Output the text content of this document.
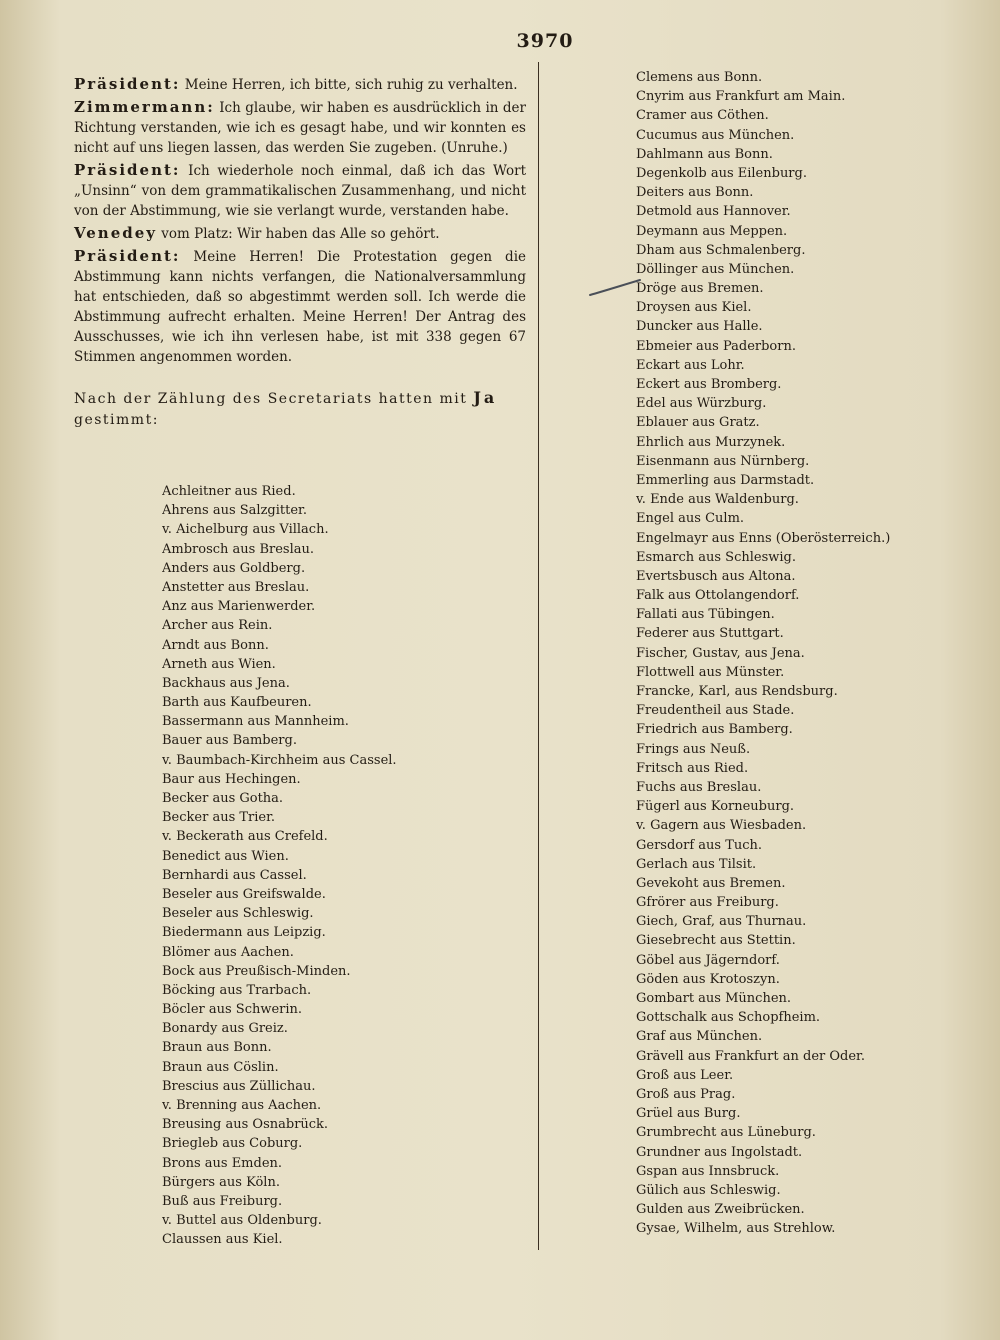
3970

Präsident: Meine Herren, ich bitte, sich ruhig zu verhalten.

Zimmermann: Ich glaube, wir haben es ausdrücklich in der Richtung verstanden, wie ich es gesagt habe, und wir konnten es nicht auf uns liegen lassen, das werden Sie zugeben. (Unruhe.)

Präsident: Ich wiederhole noch einmal, daß ich das Wort „Unsinn“ von dem grammatikalischen Zusammenhang, und nicht von der Abstimmung, wie sie verlangt wurde, verstanden habe.

Venedey vom Platz: Wir haben das Alle so gehört.

Präsident: Meine Herren! Die Protestation gegen die Abstimmung kann nichts verfangen, die Nationalversammlung hat entschieden, daß so abgestimmt werden soll. Ich werde die Abstimmung aufrecht erhalten. Meine Herren! Der Antrag des Ausschusses, wie ich ihn verlesen habe, ist mit 338 gegen 67 Stimmen angenommen worden.

Nach der Zählung des Secretariats hatten mit Ja gestimmt:
Achleitner aus Ried.
Ahrens aus Salzgitter.
v. Aichelburg aus Villach.
Ambrosch aus Breslau.
Anders aus Goldberg.
Anstetter aus Breslau.
Anz aus Marienwerder.
Archer aus Rein.
Arndt aus Bonn.
Arneth aus Wien.
Backhaus aus Jena.
Barth aus Kaufbeuren.
Bassermann aus Mannheim.
Bauer aus Bamberg.
v. Baumbach-Kirchheim aus Cassel.
Baur aus Hechingen.
Becker aus Gotha.
Becker aus Trier.
v. Beckerath aus Crefeld.
Benedict aus Wien.
Bernhardi aus Cassel.
Beseler aus Greifswalde.
Beseler aus Schleswig.
Biedermann aus Leipzig.
Blömer aus Aachen.
Bock aus Preußisch-Minden.
Böcking aus Trarbach.
Böcler aus Schwerin.
Bonardy aus Greiz.
Braun aus Bonn.
Braun aus Cöslin.
Brescius aus Züllichau.
v. Brenning aus Aachen.
Breusing aus Osnabrück.
Briegleb aus Coburg.
Brons aus Emden.
Bürgers aus Köln.
Buß aus Freiburg.
v. Buttel aus Oldenburg.
Claussen aus Kiel.
Clemens aus Bonn.
Cnyrim aus Frankfurt am Main.
Cramer aus Cöthen.
Cucumus aus München.
Dahlmann aus Bonn.
Degenkolb aus Eilenburg.
Deiters aus Bonn.
Detmold aus Hannover.
Deymann aus Meppen.
Dham aus Schmalenberg.
Döllinger aus München.
Dröge aus Bremen.
Droysen aus Kiel.
Duncker aus Halle.
Ebmeier aus Paderborn.
Eckart aus Lohr.
Eckert aus Bromberg.
Edel aus Würzburg.
Eblauer aus Gratz.
Ehrlich aus Murzynek.
Eisenmann aus Nürnberg.
Emmerling aus Darmstadt.
v. Ende aus Waldenburg.
Engel aus Culm.
Engelmayr aus Enns (Oberösterreich.)
Esmarch aus Schleswig.
Evertsbusch aus Altona.
Falk aus Ottolangendorf.
Fallati aus Tübingen.
Federer aus Stuttgart.
Fischer, Gustav, aus Jena.
Flottwell aus Münster.
Francke, Karl, aus Rendsburg.
Freudentheil aus Stade.
Friedrich aus Bamberg.
Frings aus Neuß.
Fritsch aus Ried.
Fuchs aus Breslau.
Fügerl aus Korneuburg.
v. Gagern aus Wiesbaden.
Gersdorf aus Tuch.
Gerlach aus Tilsit.
Gevekoht aus Bremen.
Gfrörer aus Freiburg.
Giech, Graf, aus Thurnau.
Giesebrecht aus Stettin.
Göbel aus Jägerndorf.
Göden aus Krotoszyn.
Gombart aus München.
Gottschalk aus Schopfheim.
Graf aus München.
Grävell aus Frankfurt an der Oder.
Groß aus Leer.
Groß aus Prag.
Grüel aus Burg.
Grumbrecht aus Lüneburg.
Grundner aus Ingolstadt.
Gspan aus Innsbruck.
Gülich aus Schleswig.
Gulden aus Zweibrücken.
Gysae, Wilhelm, aus Strehlow.
